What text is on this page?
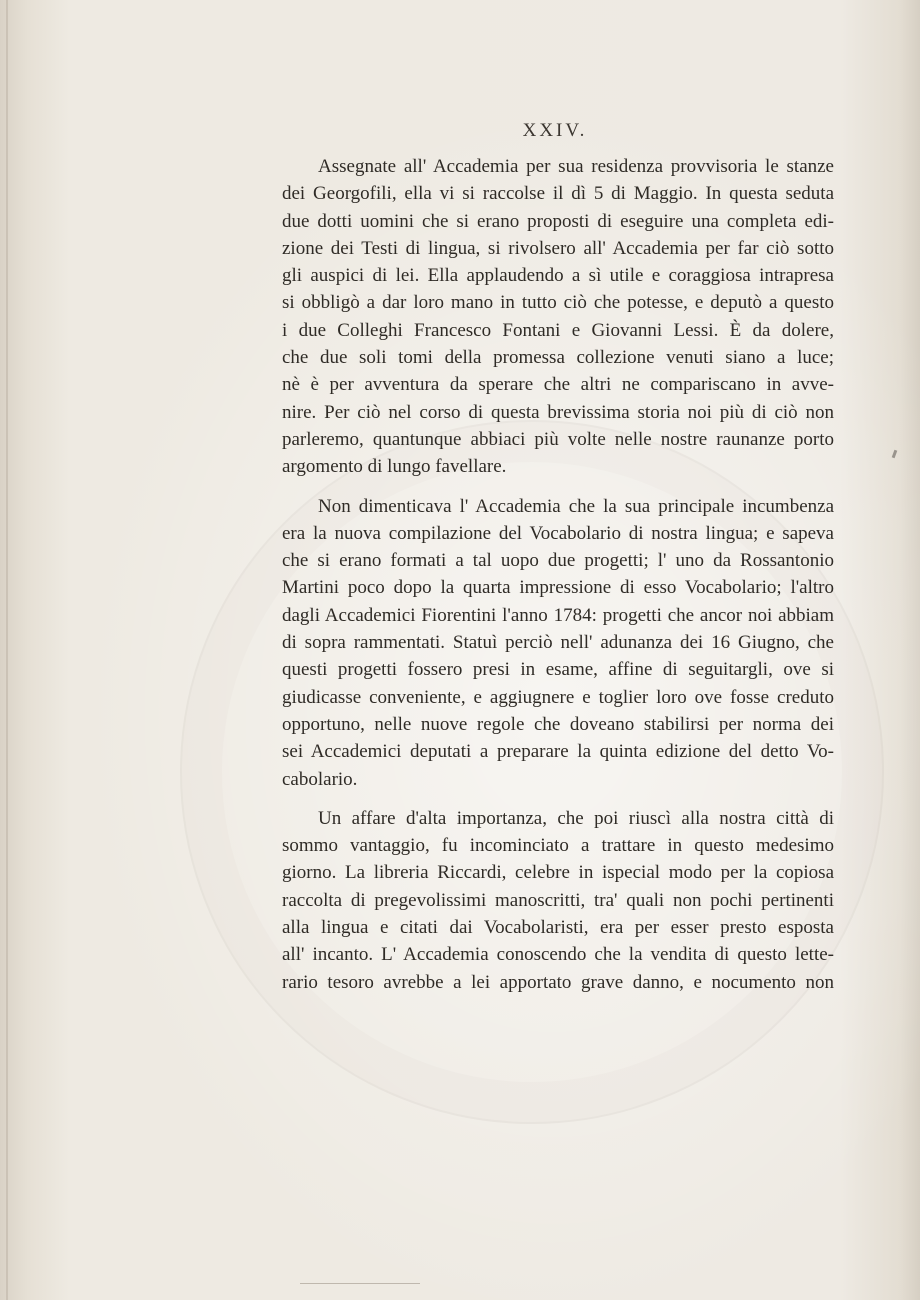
XXIV.

Assegnate all' Accademia per sua residenza provvisoria le stanze
dei Georgofili, ella vi si raccolse il dì 5 di Maggio. In questa seduta
due dotti uomini che si erano proposti di eseguire una completa edi-
zione dei Testi di lingua, si rivolsero all' Accademia per far ciò sotto
gli auspici di lei. Ella applaudendo a sì utile e coraggiosa intrapresa
si obbligò a dar loro mano in tutto ciò che potesse, e deputò a questo
i due Colleghi Francesco Fontani e Giovanni Lessi. È da dolere,
che due soli tomi della promessa collezione venuti siano a luce;
nè è per avventura da sperare che altri ne compariscano in avve-
nire. Per ciò nel corso di questa brevissima storia noi più di ciò non
parleremo, quantunque abbiaci più volte nelle nostre raunanze porto
argomento di lungo favellare.

Non dimenticava l' Accademia che la sua principale incumbenza
era la nuova compilazione del Vocabolario di nostra lingua; e sapeva
che si erano formati a tal uopo due progetti; l' uno da Rossantonio
Martini poco dopo la quarta impressione di esso Vocabolario; l'altro
dagli Accademici Fiorentini l'anno 1784: progetti che ancor noi abbiam
di sopra rammentati. Statuì perciò nell' adunanza dei 16 Giugno, che
questi progetti fossero presi in esame, affine di seguitargli, ove si
giudicasse conveniente, e aggiugnere e toglier loro ove fosse creduto
opportuno, nelle nuove regole che doveano stabilirsi per norma dei
sei Accademici deputati a preparare la quinta edizione del detto Vo-
cabolario.

Un affare d'alta importanza, che poi riuscì alla nostra città di
sommo vantaggio, fu incominciato a trattare in questo medesimo
giorno. La libreria Riccardi, celebre in ispecial modo per la copiosa
raccolta di pregevolissimi manoscritti, tra' quali non pochi pertinenti
alla lingua e citati dai Vocabolaristi, era per esser presto esposta
all' incanto. L' Accademia conoscendo che la vendita di questo lette-
rario tesoro avrebbe a lei apportato grave danno, e nocumento non
